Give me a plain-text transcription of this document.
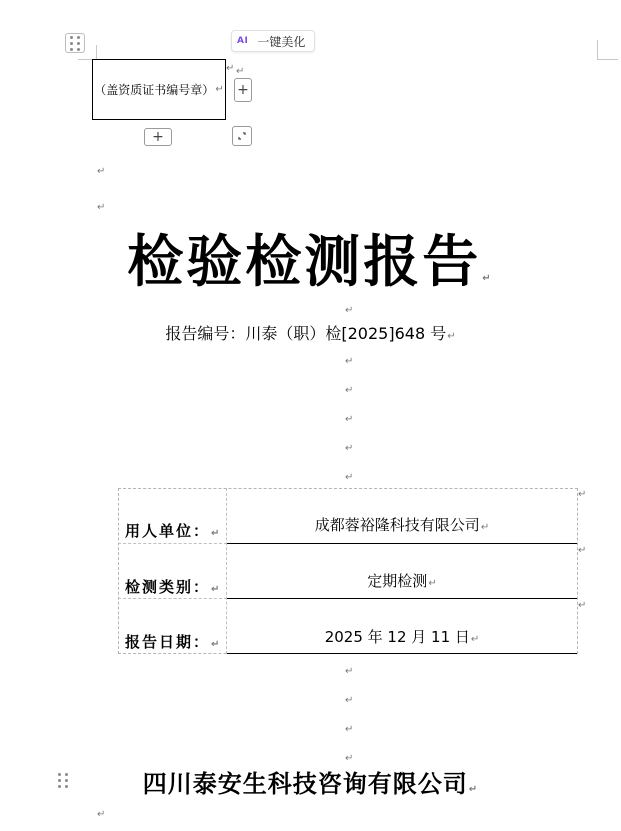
AI 一键美化
（盖资质证书编号章） ↵
↵ ↵
+
+
↵
↵
检验检测报告↵
↵
报告编号：川泰（职）检[2025]648 号↵
↵
↵
↵
↵
↵
用人单位：↵	成都蓉裕隆科技有限公司↵
↵
检测类别：↵	定期检测↵
↵
报告日期：↵	2025 年 12 月 11 日↵
↵
↵
↵
↵
↵
四川泰安生科技咨询有限公司↵
↵
